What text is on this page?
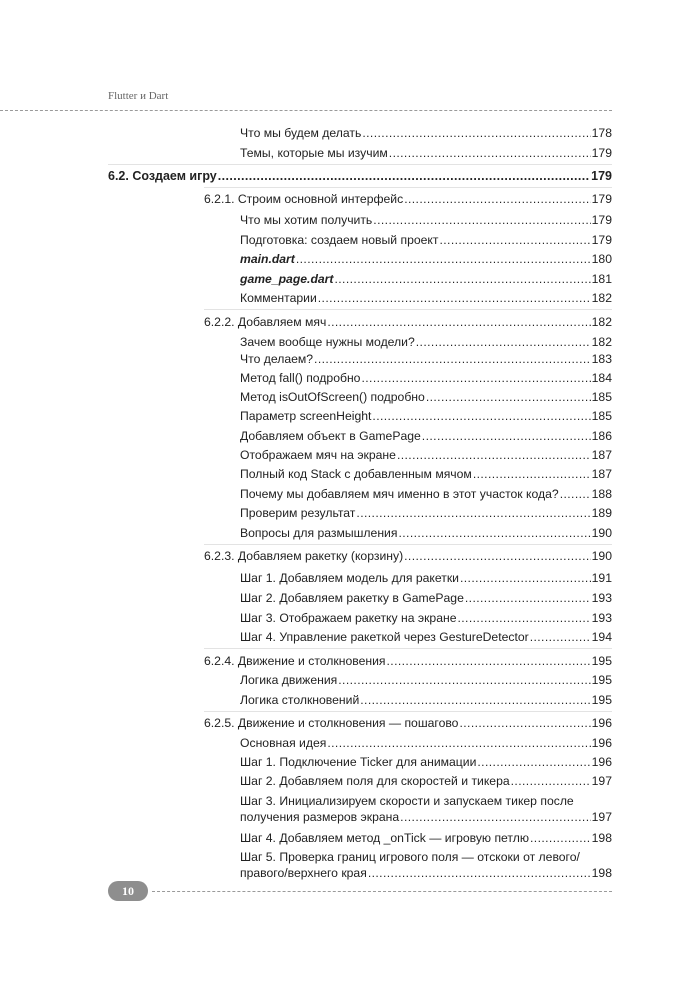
Flutter и Dart
Что мы будем делать .....	178
Темы, которые мы изучим .....	179
6.2. Создаем игру .....	179
6.2.1. Строим основной интерфейс .....	179
Что мы хотим получить .....	179
Подготовка: создаем новый проект .....	179
main.dart .....	180
game_page.dart .....	181
Комментарии .....	182
6.2.2. Добавляем мяч .....	182
Зачем вообще нужны модели? .....	182
Что делаем? .....	183
Метод fall() подробно .....	184
Метод isOutOfScreen() подробно .....	185
Параметр screenHeight .....	185
Добавляем объект в GamePage .....	186
Отображаем мяч на экране .....	187
Полный код Stack с добавленным мячом .....	187
Почему мы добавляем мяч именно в этот участок кода? .....	188
Проверим результат .....	189
Вопросы для размышления .....	190
6.2.3. Добавляем ракетку (корзину) .....	190
Шаг 1. Добавляем модель для ракетки .....	191
Шаг 2. Добавляем ракетку в GamePage .....	193
Шаг 3. Отображаем ракетку на экране .....	193
Шаг 4. Управление ракеткой через GestureDetector .....	194
6.2.4. Движение и столкновения .....	195
Логика движения .....	195
Логика столкновений .....	195
6.2.5. Движение и столкновения — пошагово .....	196
Основная идея .....	196
Шаг 1. Подключение Ticker для анимации .....	196
Шаг 2. Добавляем поля для скоростей и тикера .....	197
Шаг 3. Инициализируем скорости и запускаем тикер после
получения размеров экрана .....	197
Шаг 4. Добавляем метод _onTick — игровую петлю .....	198
Шаг 5. Проверка границ игрового поля — отскоки от левого/
правого/верхнего края .....	198
10
